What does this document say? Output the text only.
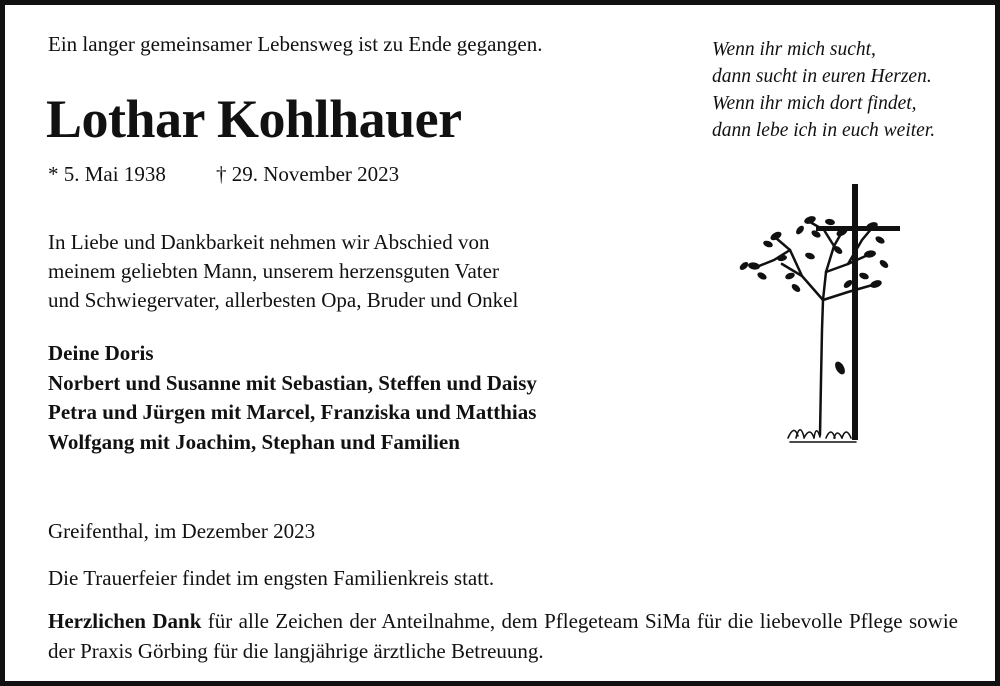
Ein langer gemeinsamer Lebensweg ist zu Ende gegangen.

Lothar Kohlhauer

* 5. Mai 1938 † 29. November 2023

In Liebe und Dankbarkeit nehmen wir Abschied von
meinem geliebten Mann, unserem herzensguten Vater
und Schwiegervater, allerbesten Opa, Bruder und Onkel
Deine Doris
Norbert und Susanne mit Sebastian, Steffen und Daisy
Petra und Jürgen mit Marcel, Franziska und Matthias
Wolfgang mit Joachim, Stephan und Familien

Greifenthal, im Dezember 2023

Die Trauerfeier findet im engsten Familienkreis statt.

Herzlichen Dank für alle Zeichen der Anteilnahme, dem Pflegeteam SiMa für die liebevolle Pflege sowie der Praxis Görbing für die langjährige ärztliche Betreuung.

Wenn ihr mich sucht,
dann sucht in euren Herzen.
Wenn ihr mich dort findet,
dann lebe ich in euch weiter.
